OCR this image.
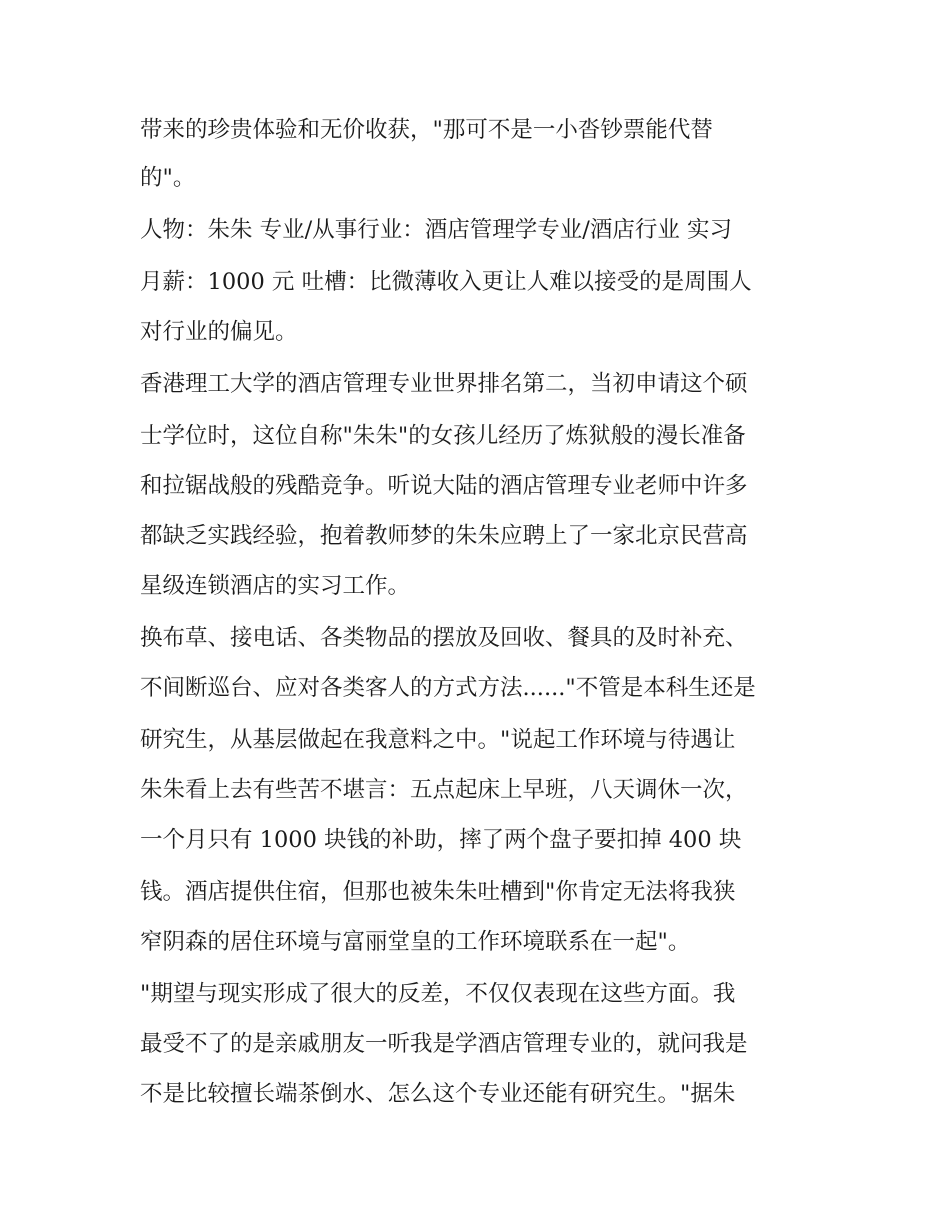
带来的珍贵体验和无价收获，"那可不是一小沓钞票能代替
的"。
人物：朱朱 专业/从事行业：酒店管理学专业/酒店行业 实习
月薪：1000 元 吐槽：比微薄收入更让人难以接受的是周围人
对行业的偏见。
香港理工大学的酒店管理专业世界排名第二，当初申请这个硕
士学位时，这位自称"朱朱"的女孩儿经历了炼狱般的漫长准备
和拉锯战般的残酷竞争。听说大陆的酒店管理专业老师中许多
都缺乏实践经验，抱着教师梦的朱朱应聘上了一家北京民营高
星级连锁酒店的实习工作。
换布草、接电话、各类物品的摆放及回收、餐具的及时补充、
不间断巡台、应对各类客人的方式方法......"不管是本科生还是
研究生，从基层做起在我意料之中。"说起工作环境与待遇让
朱朱看上去有些苦不堪言：五点起床上早班，八天调休一次，
一个月只有 1000 块钱的补助，摔了两个盘子要扣掉 400 块
钱。酒店提供住宿，但那也被朱朱吐槽到"你肯定无法将我狭
窄阴森的居住环境与富丽堂皇的工作环境联系在一起"。
"期望与现实形成了很大的反差，不仅仅表现在这些方面。我
最受不了的是亲戚朋友一听我是学酒店管理专业的，就问我是
不是比较擅长端茶倒水、怎么这个专业还能有研究生。"据朱
